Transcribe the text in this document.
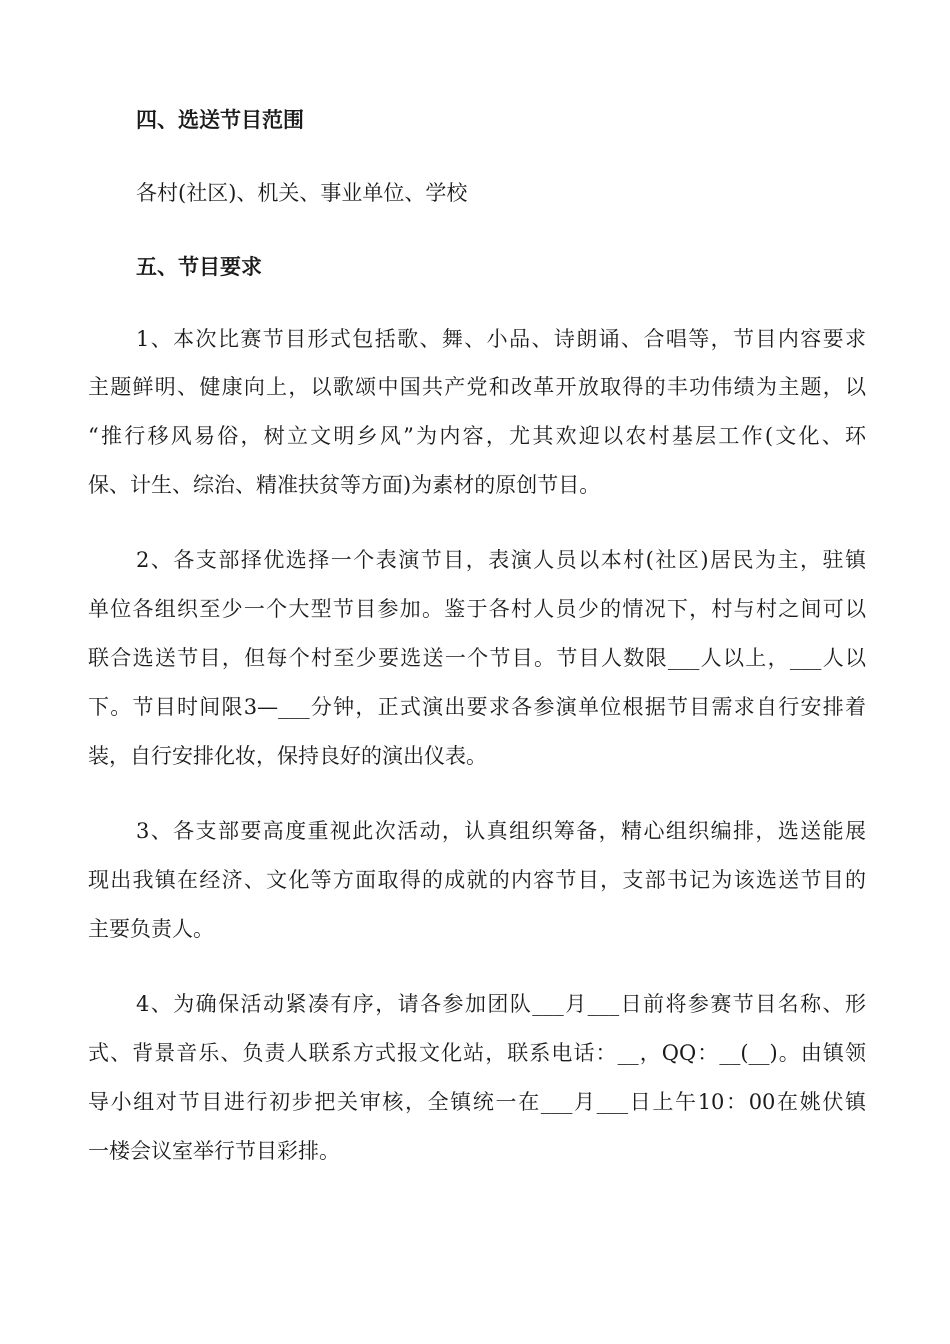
四、选送节目范围
各村(社区)、机关、事业单位、学校
五、节目要求
1、本次比赛节目形式包括歌、舞、小品、诗朗诵、合唱等，节目内容要求
主题鲜明、健康向上，以歌颂中国共产党和改革开放取得的丰功伟绩为主题，以
“推行移风易俗，树立文明乡风”为内容，尤其欢迎以农村基层工作(文化、环
保、计生、综治、精准扶贫等方面)为素材的原创节目。
2、各支部择优选择一个表演节目，表演人员以本村(社区)居民为主，驻镇
单位各组织至少一个大型节目参加。鉴于各村人员少的情况下，村与村之间可以
联合选送节目，但每个村至少要选送一个节目。节目人数限___人以上，___人以
下。节目时间限3—___分钟，正式演出要求各参演单位根据节目需求自行安排着
装，自行安排化妆，保持良好的演出仪表。
3、各支部要高度重视此次活动，认真组织筹备，精心组织编排，选送能展
现出我镇在经济、文化等方面取得的成就的内容节目，支部书记为该选送节目的
主要负责人。
4、为确保活动紧凑有序，请各参加团队___月___日前将参赛节目名称、形
式、背景音乐、负责人联系方式报文化站，联系电话：__，QQ：__(__)。由镇领
导小组对节目进行初步把关审核，全镇统一在___月___日上午10：00在姚伏镇
一楼会议室举行节目彩排。
